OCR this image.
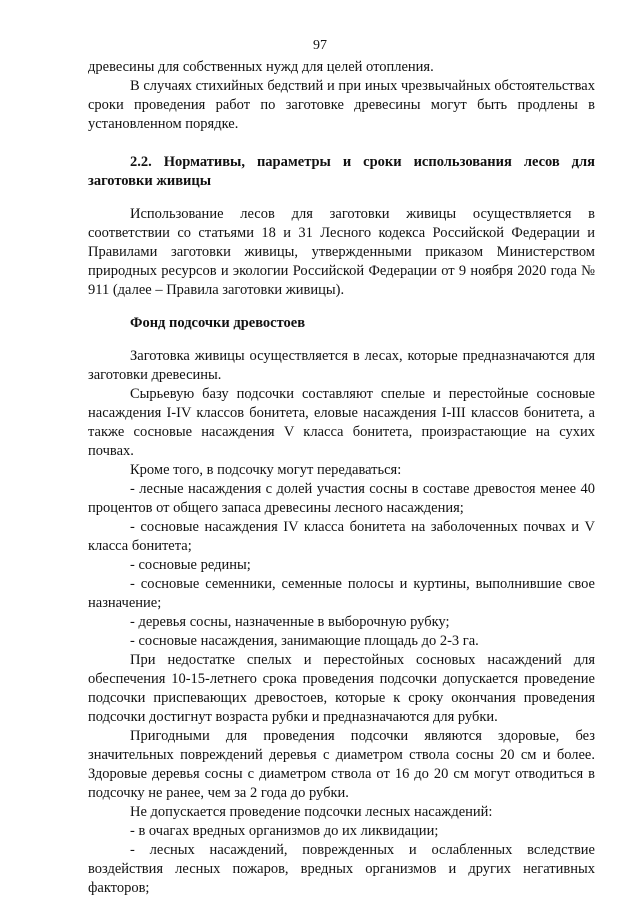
97

древесины для собственных нужд для целей отопления.

В случаях стихийных бедствий и при иных чрезвычайных обстоятельствах сроки проведения работ по заготовке древесины могут быть продлены в установленном порядке.

2.2. Нормативы, параметры и сроки использования лесов для заготовки живицы

Использование лесов для заготовки живицы осуществляется в соответствии со статьями 18 и 31 Лесного кодекса Российской Федерации и Правилами заготовки живицы, утвержденными приказом Министерством природных ресурсов и экологии Российской Федерации от 9 ноября 2020 года № 911 (далее – Правила заготовки живицы).

Фонд подсочки древостоев

Заготовка живицы осуществляется в лесах, которые предназначаются для заготовки древесины.

Сырьевую базу подсочки составляют спелые и перестойные сосновые насаждения I-IV классов бонитета, еловые насаждения I-III классов бонитета, а также сосновые насаждения V класса бонитета, произрастающие на сухих почвах.

Кроме того, в подсочку могут передаваться:

- лесные насаждения с долей участия сосны в составе древостоя менее 40 процентов от общего запаса древесины лесного насаждения;

- сосновые насаждения IV класса бонитета на заболоченных почвах и V класса бонитета;

- сосновые редины;

- сосновые семенники, семенные полосы и куртины, выполнившие свое назначение;

- деревья сосны, назначенные в выборочную рубку;

- сосновые насаждения, занимающие площадь до 2-3 га.

При недостатке спелых и перестойных сосновых насаждений для обеспечения 10-15-летнего срока проведения подсочки допускается проведение подсочки приспевающих древостоев, которые к сроку окончания проведения подсочки достигнут возраста рубки и предназначаются для рубки.

Пригодными для проведения подсочки являются здоровые, без значительных повреждений деревья с диаметром ствола сосны 20 см и более. Здоровые деревья сосны с диаметром ствола от 16 до 20 см могут отводиться в подсочку не ранее, чем за 2 года до рубки.

Не допускается проведение подсочки лесных насаждений:

- в очагах вредных организмов до их ликвидации;

- лесных насаждений, поврежденных и ослабленных вследствие воздействия лесных пожаров, вредных организмов и других негативных факторов;
